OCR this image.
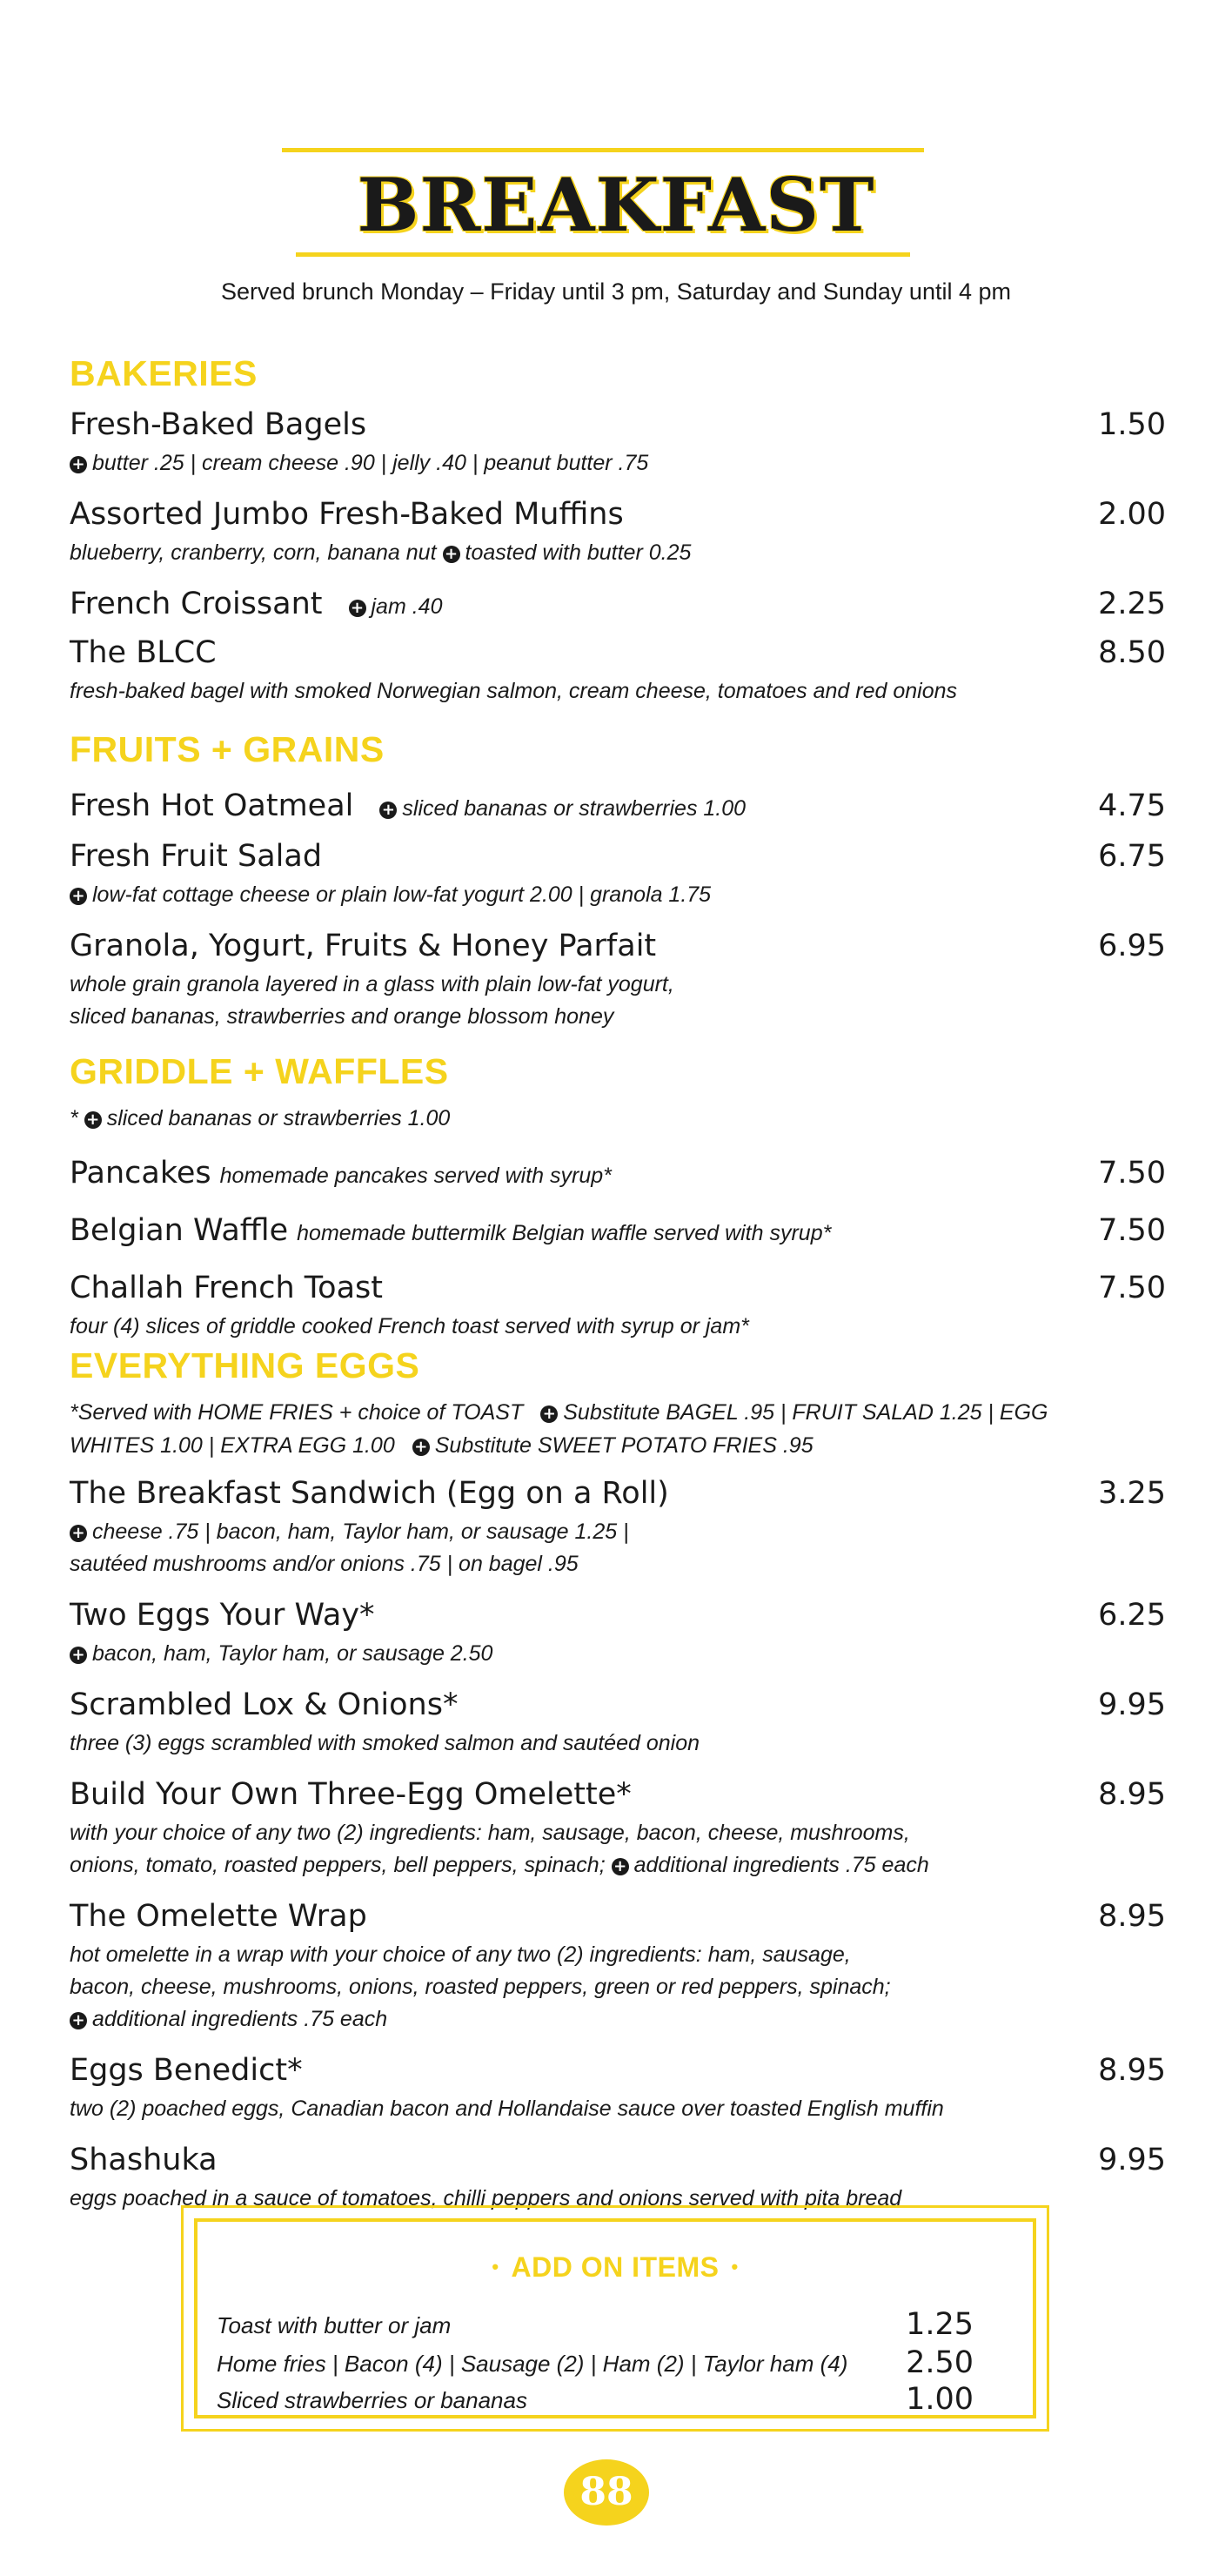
BREAKFAST
Served brunch Monday – Friday until 3 pm, Saturday and Sunday until 4 pm
BAKERIES
Fresh-Baked Bagels	1.50
+ butter .25 | cream cheese .90 | jelly .40 | peanut butter .75
Assorted Jumbo Fresh-Baked Muffins	2.00
blueberry, cranberry, corn, banana nut + toasted with butter 0.25
French Croissant + jam .40	2.25
The BLCC	8.50
fresh-baked bagel with smoked Norwegian salmon, cream cheese, tomatoes and red onions
FRUITS + GRAINS
Fresh Hot Oatmeal + sliced bananas or strawberries 1.00	4.75
Fresh Fruit Salad	6.75
+ low-fat cottage cheese or plain low-fat yogurt 2.00 | granola 1.75
Granola, Yogurt, Fruits & Honey Parfait	6.95
whole grain granola layered in a glass with plain low-fat yogurt,
sliced bananas, strawberries and orange blossom honey
GRIDDLE + WAFFLES
* + sliced bananas or strawberries 1.00
Pancakes homemade pancakes served with syrup*	7.50
Belgian Waffle homemade buttermilk Belgian waffle served with syrup*	7.50
Challah French Toast	7.50
four (4) slices of griddle cooked French toast served with syrup or jam*
EVERYTHING EGGS
*Served with HOME FRIES + choice of TOAST + Substitute BAGEL .95 | FRUIT SALAD 1.25 | EGG
WHITES 1.00 | EXTRA EGG 1.00 + Substitute SWEET POTATO FRIES .95
The Breakfast Sandwich (Egg on a Roll)	3.25
+ cheese .75 | bacon, ham, Taylor ham, or sausage 1.25 |
sautéed mushrooms and/or onions .75 | on bagel .95
Two Eggs Your Way*	6.25
+ bacon, ham, Taylor ham, or sausage 2.50
Scrambled Lox & Onions*	9.95
three (3) eggs scrambled with smoked salmon and sautéed onion
Build Your Own Three-Egg Omelette*	8.95
with your choice of any two (2) ingredients: ham, sausage, bacon, cheese, mushrooms,
onions, tomato, roasted peppers, bell peppers, spinach; + additional ingredients .75 each
The Omelette Wrap	8.95
hot omelette in a wrap with your choice of any two (2) ingredients: ham, sausage,
bacon, cheese, mushrooms, onions, roasted peppers, green or red peppers, spinach;
+ additional ingredients .75 each
Eggs Benedict*	8.95
two (2) poached eggs, Canadian bacon and Hollandaise sauce over toasted English muffin
Shashuka	9.95
eggs poached in a sauce of tomatoes, chilli peppers and onions served with pita bread
• ADD ON ITEMS •
Toast with butter or jam	1.25
Home fries | Bacon (4) | Sausage (2) | Ham (2) | Taylor ham (4) 2.50
Sliced strawberries or bananas	1.00
88
